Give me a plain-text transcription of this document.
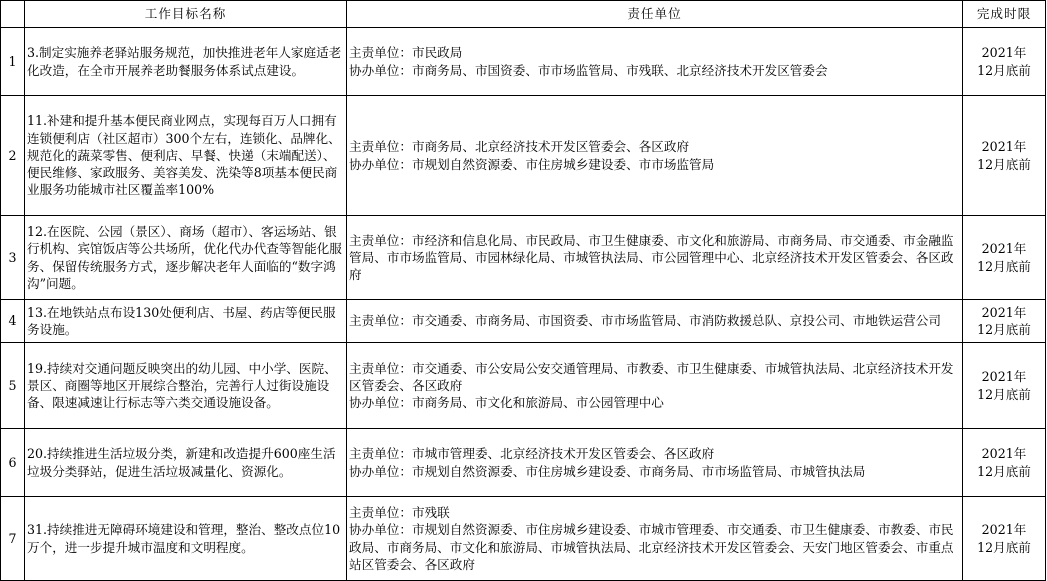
	工作目标名称	责任单位	完成时限
1	3.制定实施养老驿站服务规范，加快推进老年人家庭适老化改造，在全市开展养老助餐服务体系试点建设。	主责单位：市民政局
协办单位：市商务局、市国资委、市市场监管局、市残联、北京经济技术开发区管委会	2021年
12月底前

2	11.补建和提升基本便民商业网点，实现每百万人口拥有连锁便利店（社区超市）300个左右，连锁化、品牌化、规范化的蔬菜零售、便利店、早餐、快递（末端配送）、便民维修、家政服务、美容美发、洗染等8项基本便民商业服务功能城市社区覆盖率100%	主责单位：市商务局、北京经济技术开发区管委会、各区政府
协办单位：市规划自然资源委、市住房城乡建设委、市市场监管局	2021年
12月底前

3	12.在医院、公园（景区）、商场（超市）、客运场站、银行机构、宾馆饭店等公共场所，优化代办代查等智能化服务、保留传统服务方式，逐步解决老年人面临的“数字鸿沟”问题。	主责单位：市经济和信息化局、市民政局、市卫生健康委、市文化和旅游局、市商务局、市交通委、市金融监管局、市市场监管局、市园林绿化局、市城管执法局、市公园管理中心、北京经济技术开发区管委会、各区政府	2021年
12月底前

4	13.在地铁站点布设130处便利店、书屋、药店等便民服务设施。	主责单位：市交通委、市商务局、市国资委、市市场监管局、市消防救援总队、京投公司、市地铁运营公司	2021年
12月底前

5	19.持续对交通问题反映突出的幼儿园、中小学、医院、景区、商圈等地区开展综合整治，完善行人过街设施设备、限速减速让行标志等六类交通设施设备。	主责单位：市交通委、市公安局公安交通管理局、市教委、市卫生健康委、市城管执法局、北京经济技术开发区管委会、各区政府
协办单位：市商务局、市文化和旅游局、市公园管理中心	2021年
12月底前

6	20.持续推进生活垃圾分类，新建和改造提升600座生活垃圾分类驿站，促进生活垃圾减量化、资源化。	主责单位：市城市管理委、北京经济技术开发区管委会、各区政府
协办单位：市规划自然资源委、市住房城乡建设委、市商务局、市市场监管局、市城管执法局	2021年
12月底前

7	31.持续推进无障碍环境建设和管理，整治、整改点位10万个，进一步提升城市温度和文明程度。	主责单位：市残联
协办单位：市规划自然资源委、市住房城乡建设委、市城市管理委、市交通委、市卫生健康委、市教委、市民政局、市商务局、市文化和旅游局、市城管执法局、北京经济技术开发区管委会、天安门地区管委会、市重点站区管委会、各区政府	2021年
12月底前
